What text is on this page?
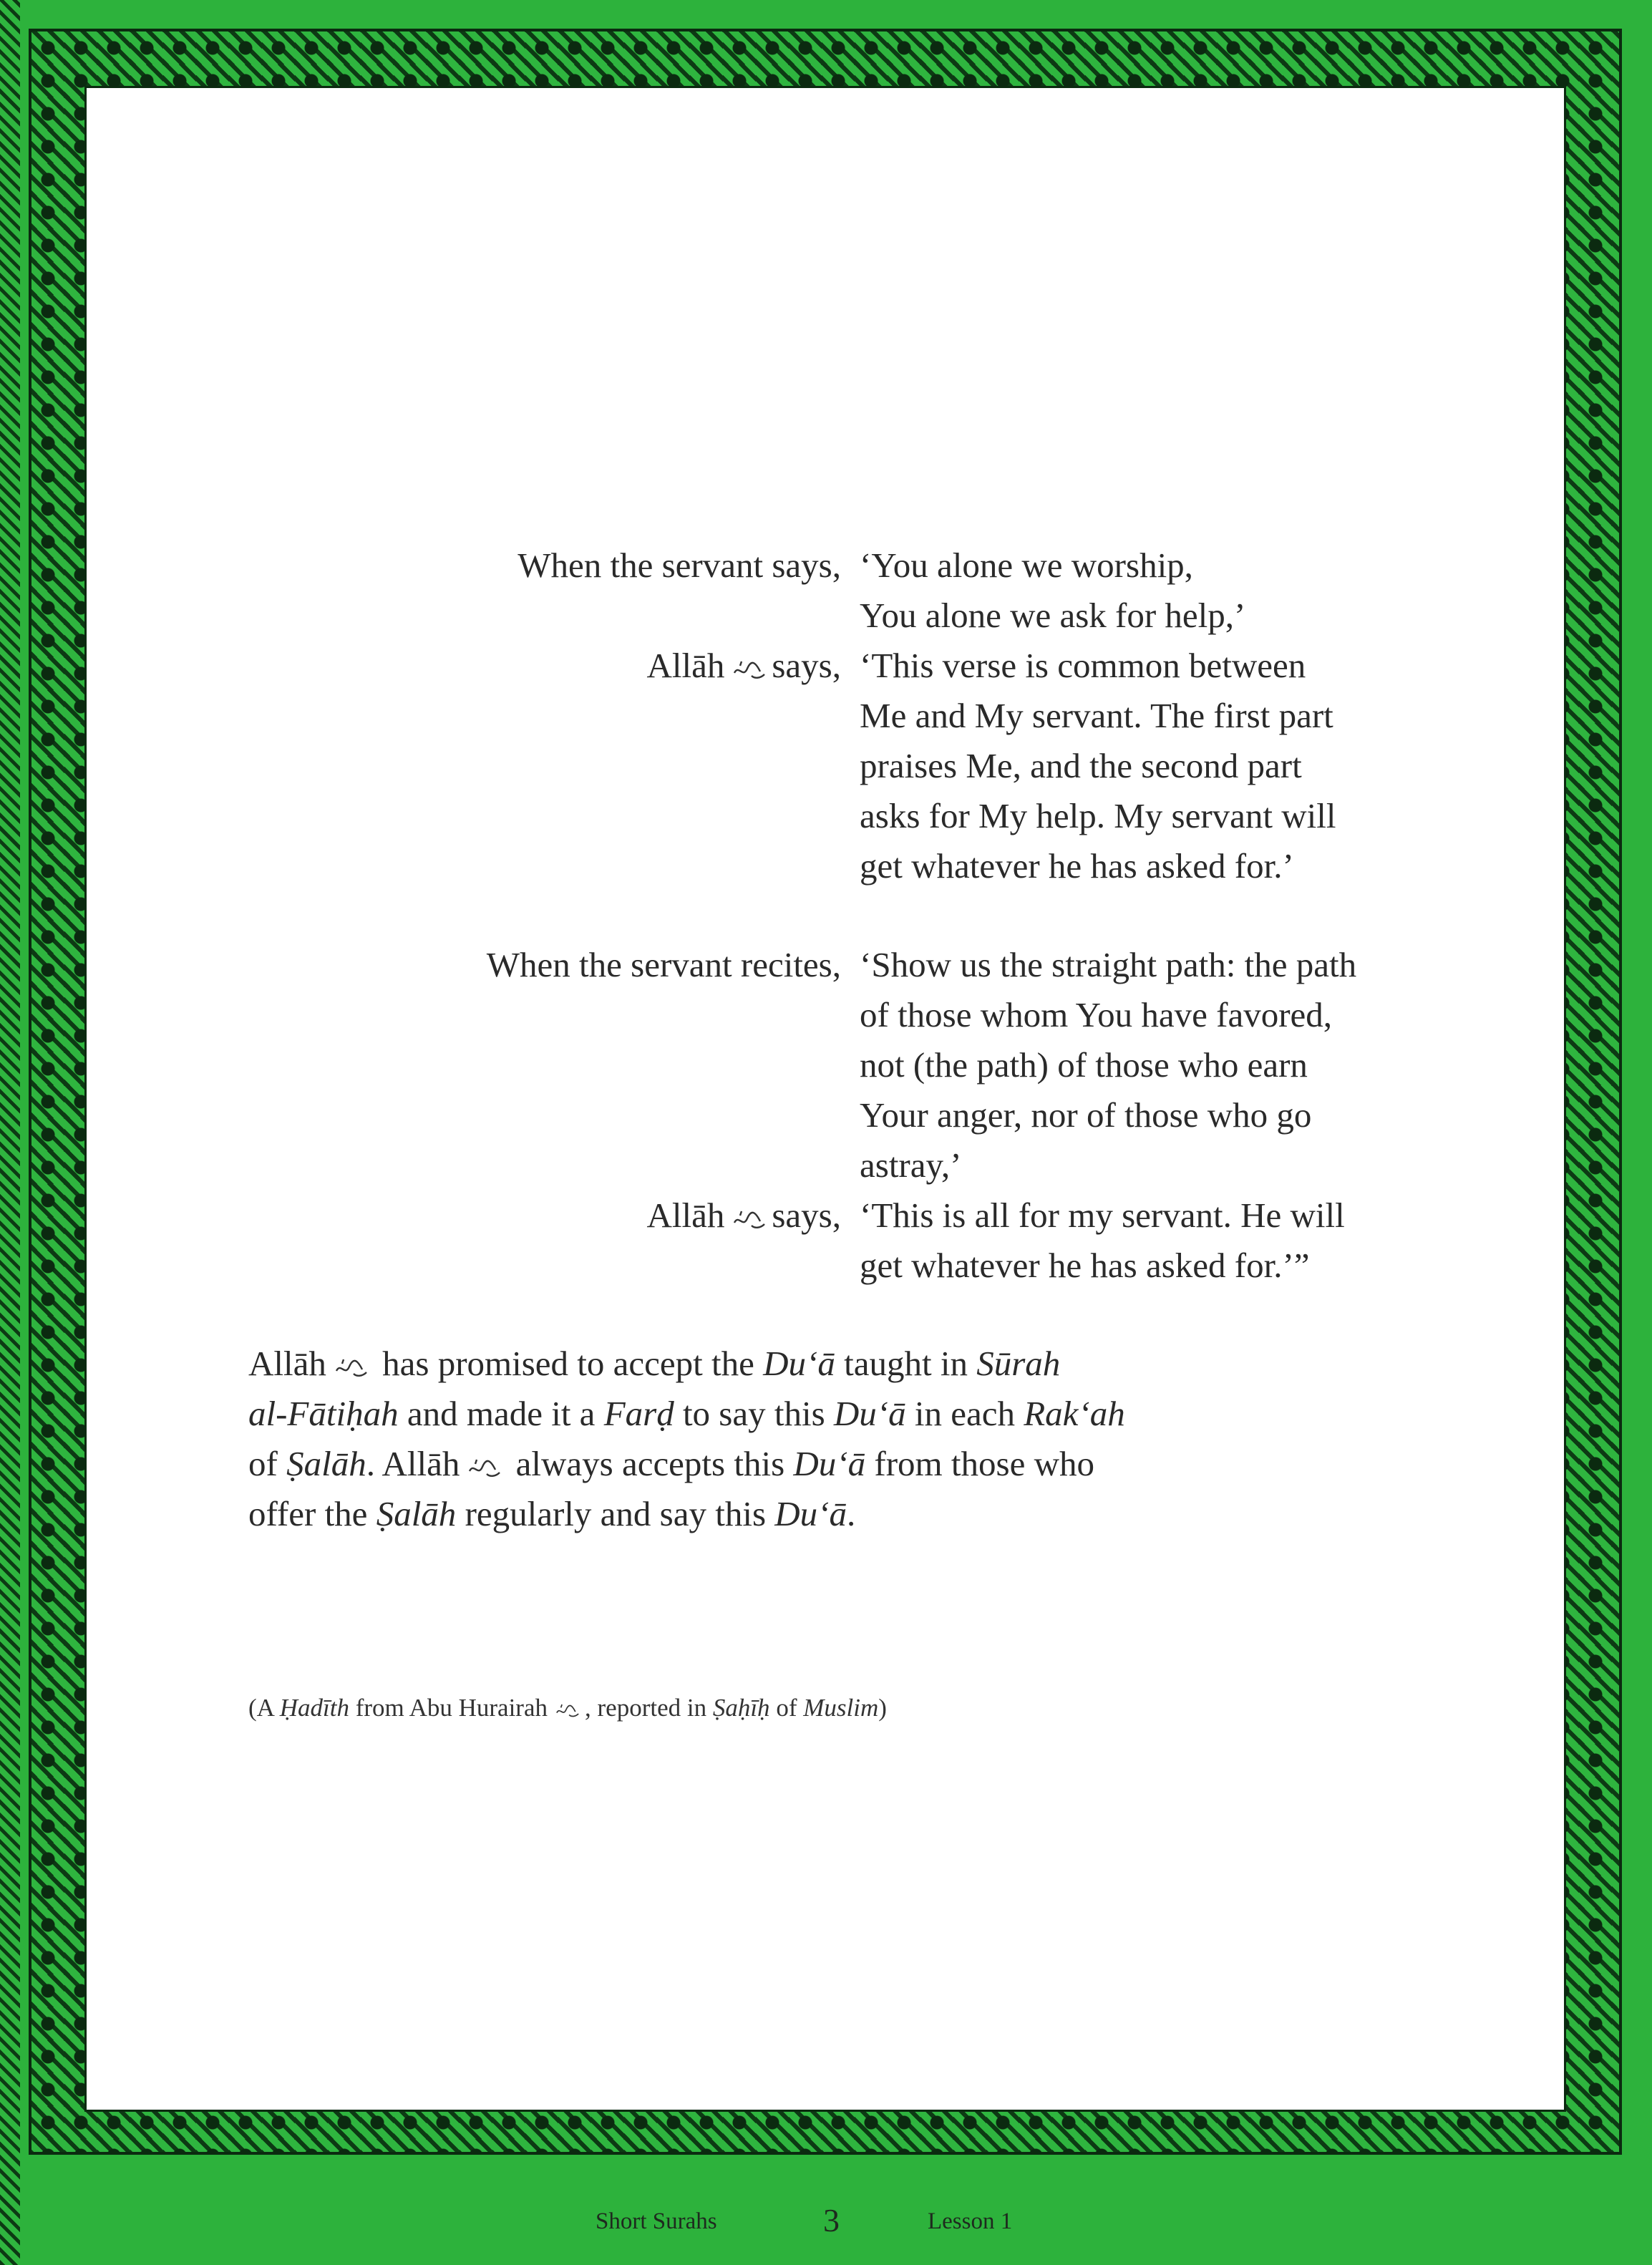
When the servant says, ‘You alone we worship,
You alone we ask for help,’
Allāh says, ‘This verse is common between
Me and My servant. The first part
praises Me, and the second part
asks for My help. My servant will
get whatever he has asked for.’
When the servant recites, ‘Show us the straight path: the path
of those whom You have favored,
not (the path) of those who earn
Your anger, nor of those who go
astray,’
Allāh says, ‘This is all for my servant. He will
get whatever he has asked for.’”

Allāh has promised to accept the Du‘ā taught in Sūrah

al-Fātiḥah and made it a Farḍ to say this Du‘ā in each Rak‘ah

of Ṣalāh. Allāh always accepts this Du‘ā from those who

offer the Ṣalāh regularly and say this Du‘ā.

(A Ḥadīth from Abu Hurairah , reported in Ṣaḥīḥ of Muslim)
Short Surahs	3	Lesson 1
